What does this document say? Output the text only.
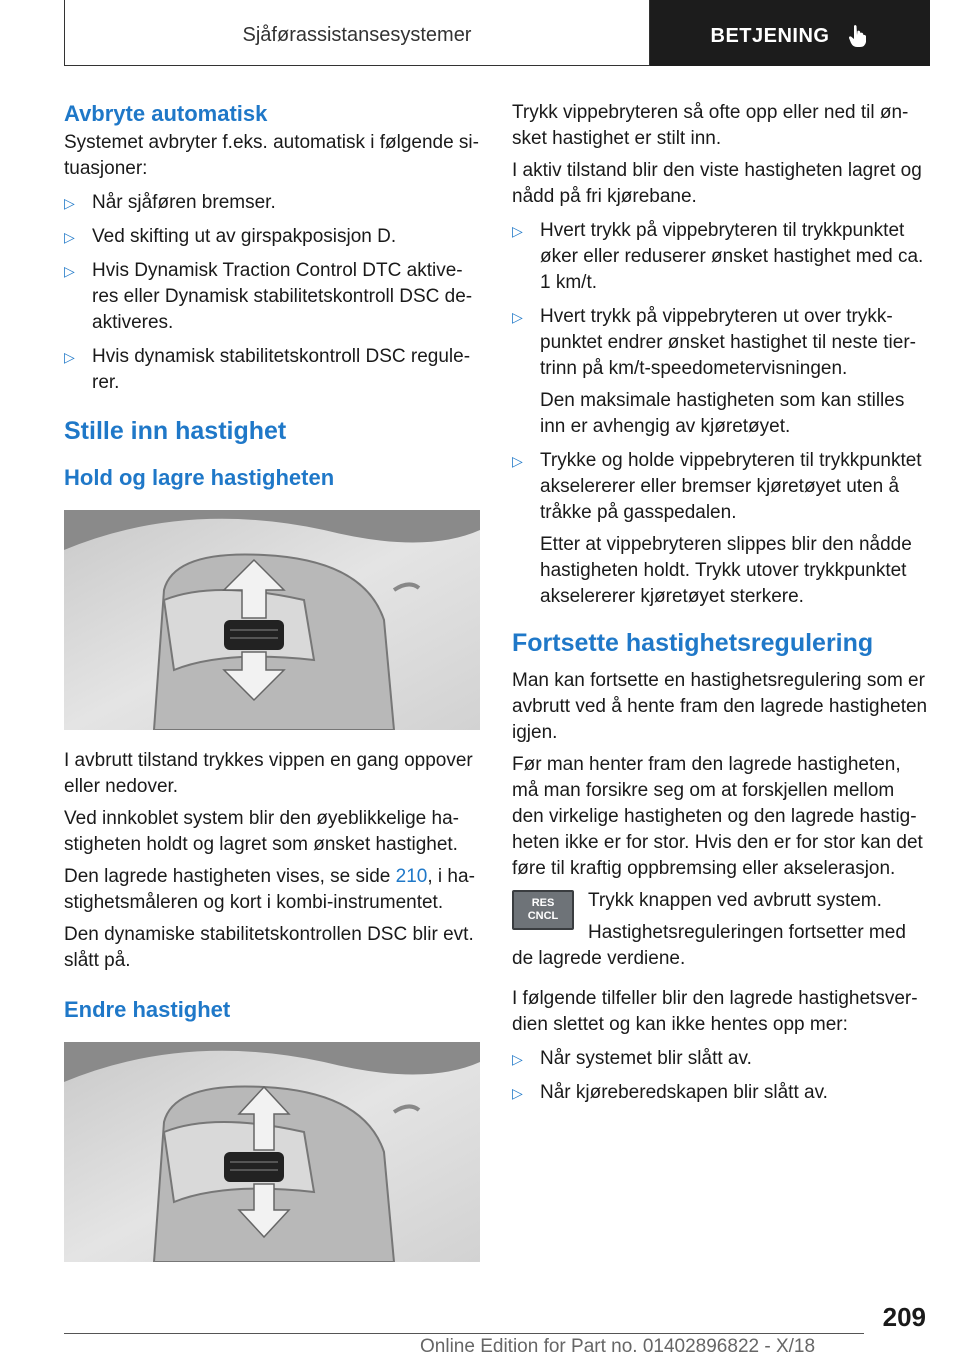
Sjåførassistansesystemer	BETJENING
Avbryte automatisk

Systemet avbryter f.eks. automatisk i følgende situasjoner:

▷ Når sjåføren bremser.
▷ Ved skifting ut av girspakposisjon D.
▷ Hvis Dynamisk Traction Control DTC aktiveres eller Dynamisk stabilitetskontroll DSC deaktiveres.
▷ Hvis dynamisk stabilitetskontroll DSC regulerer.
Stille inn hastighet
Hold og lagre hastigheten

I avbrutt tilstand trykkes vippen en gang oppover eller nedover.

Ved innkoblet system blir den øyeblikkelige hastigheten holdt og lagret som ønsket hastighet.

Den lagrede hastigheten vises, se side 210, i hastighetsmåleren og kort i kombi-instrumentet.

Den dynamiske stabilitetskontrollen DSC blir evt. slått på.

Endre hastighet

Trykk vippebryteren så ofte opp eller ned til ønsket hastighet er stilt inn.

I aktiv tilstand blir den viste hastigheten lagret og nådd på fri kjørebane.

▷ Hvert trykk på vippebryteren til trykkpunktet øker eller reduserer ønsket hastighet med ca. 1 km/t.
▷ Hvert trykk på vippebryteren ut over trykkpunktet endrer ønsket hastighet til neste tiertrinn på km/t-speedometervisningen.
Den maksimale hastigheten som kan stilles inn er avhengig av kjøretøyet.
▷ Trykke og holde vippebryteren til trykkpunktet akselererer eller bremser kjøretøyet uten å tråkke på gasspedalen.
Etter at vippebryteren slippes blir den nådde hastigheten holdt. Trykk utover trykkpunktet akselererer kjøretøyet sterkere.
Fortsette hastighetsregulering

Man kan fortsette en hastighetsregulering som er avbrutt ved å hente fram den lagrede hastigheten igjen.

Før man henter fram den lagrede hastigheten, må man forsikre seg om at forskjellen mellom den virkelige hastigheten og den lagrede hastigheten ikke er for stor. Hvis den er for stor kan det føre til kraftig oppbremsing eller akselerasjon.

RES
CNCL

Trykk knappen ved avbrutt system.

Hastighetsreguleringen fortsetter med de lagrede verdiene.

I følgende tilfeller blir den lagrede hastighetsverdien slettet og kan ikke hentes opp mer:

▷ Når systemet blir slått av.
▷ Når kjøreberedskapen blir slått av.
209
Online Edition for Part no. 01402896822 - X/18
